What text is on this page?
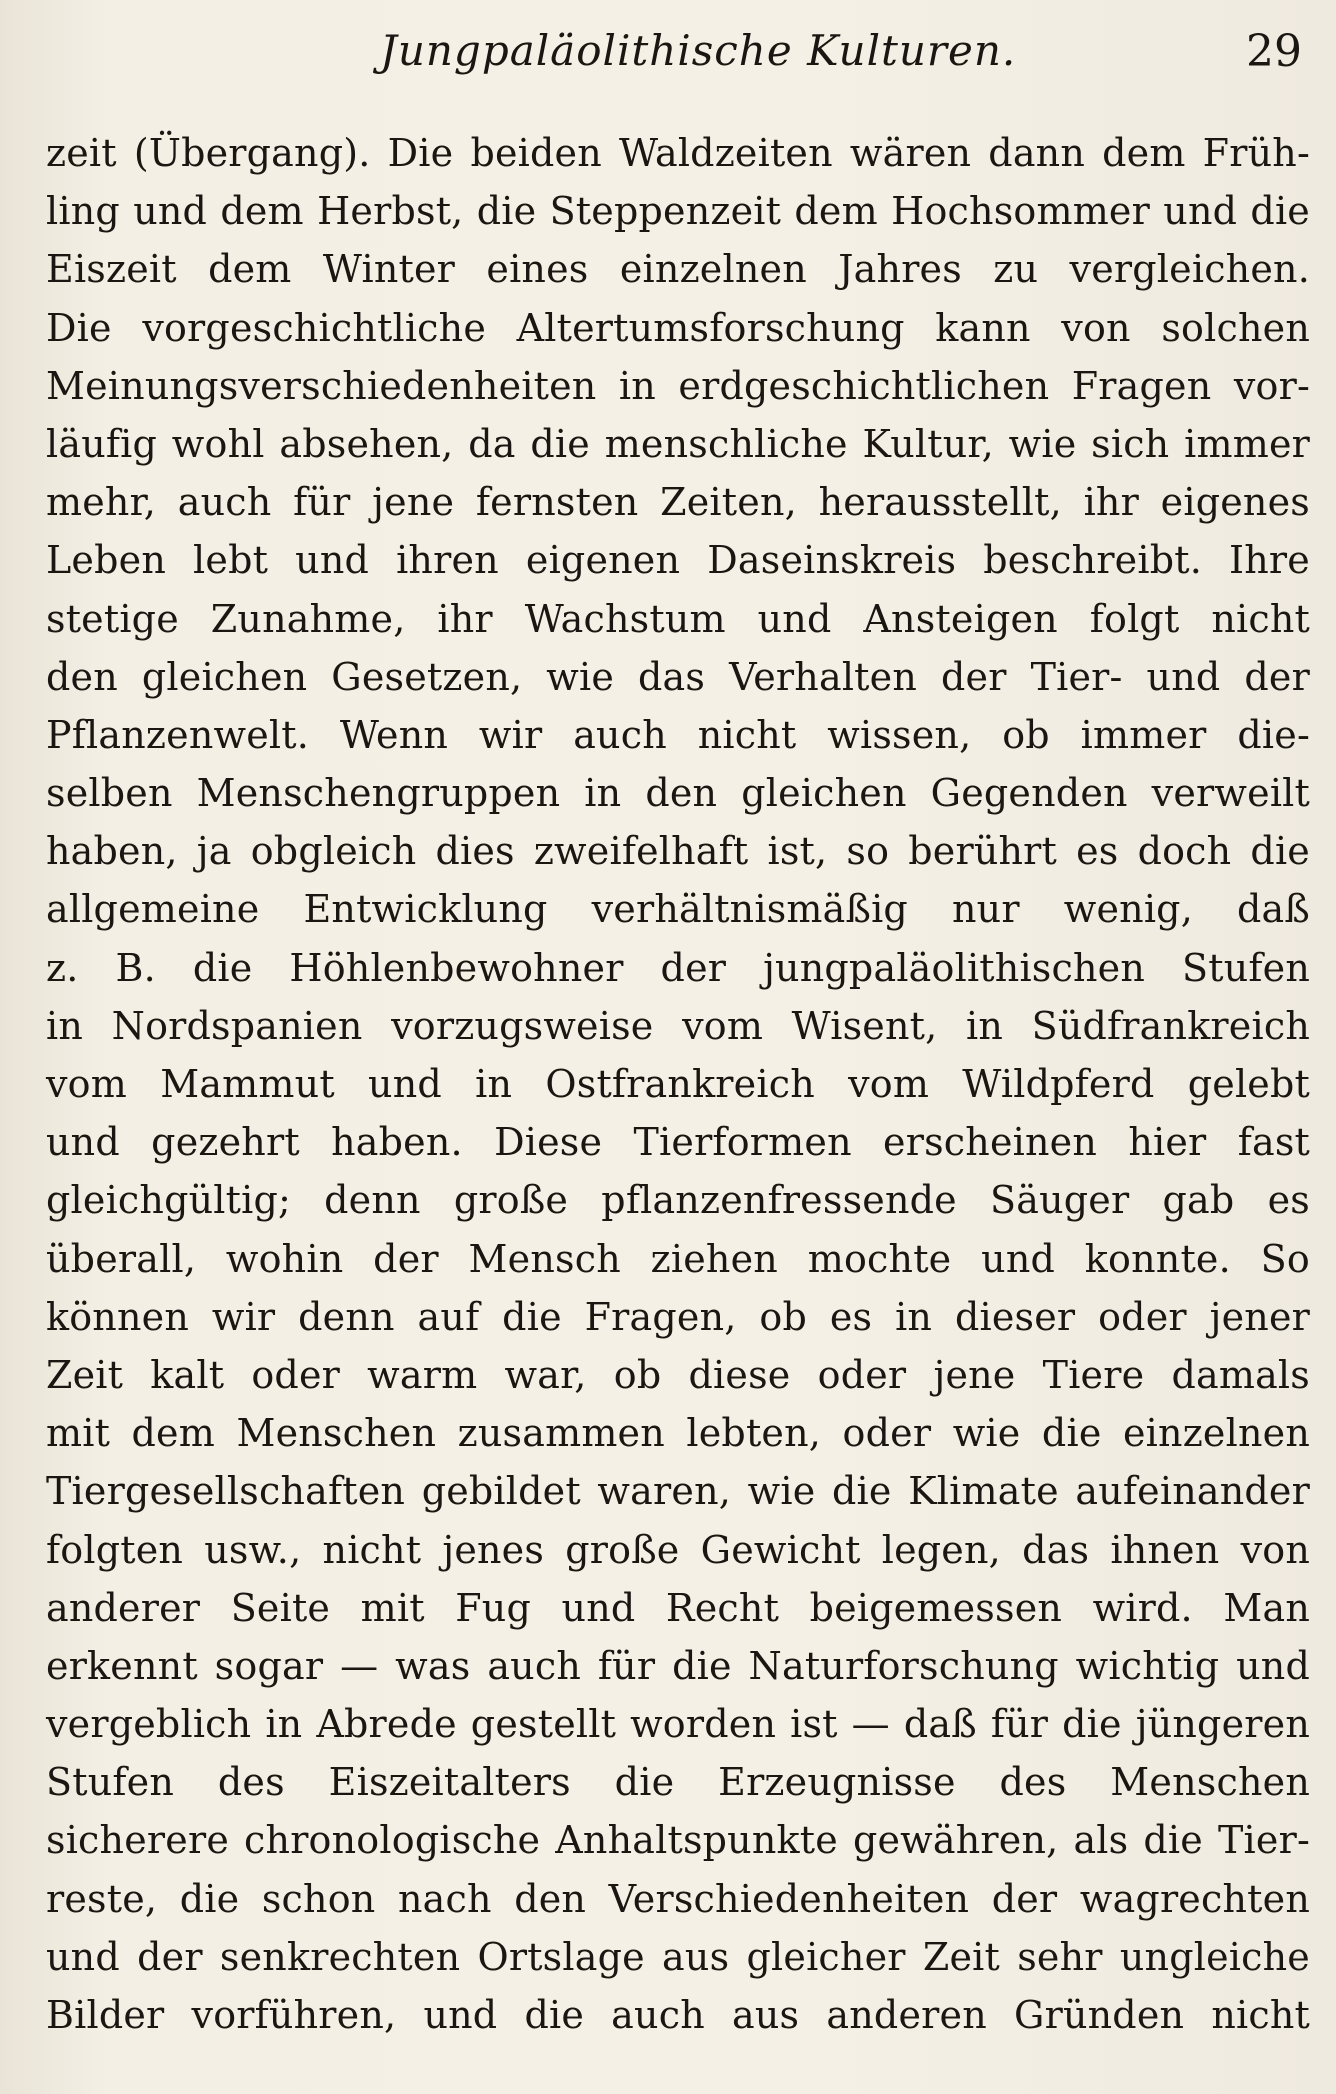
Jungpaläolithische Kulturen.	29
zeit (Übergang). Die beiden Waldzeiten wären dann dem Früh-
ling und dem Herbst, die Steppenzeit dem Hochsommer und die
Eiszeit dem Winter eines einzelnen Jahres zu vergleichen.
Die vorgeschichtliche Altertumsforschung kann von solchen
Meinungsverschiedenheiten in erdgeschichtlichen Fragen vor-
läufig wohl absehen, da die menschliche Kultur, wie sich immer
mehr, auch für jene fernsten Zeiten, herausstellt, ihr eigenes
Leben lebt und ihren eigenen Daseinskreis beschreibt. Ihre
stetige Zunahme, ihr Wachstum und Ansteigen folgt nicht
den gleichen Gesetzen, wie das Verhalten der Tier- und der
Pflanzenwelt. Wenn wir auch nicht wissen, ob immer die-
selben Menschengruppen in den gleichen Gegenden verweilt
haben, ja obgleich dies zweifelhaft ist, so berührt es doch die
allgemeine Entwicklung verhältnismäßig nur wenig, daß
z. B. die Höhlenbewohner der jungpaläolithischen Stufen
in Nordspanien vorzugsweise vom Wisent, in Südfrankreich
vom Mammut und in Ostfrankreich vom Wildpferd gelebt
und gezehrt haben. Diese Tierformen erscheinen hier fast
gleichgültig; denn große pflanzenfressende Säuger gab es
überall, wohin der Mensch ziehen mochte und konnte. So
können wir denn auf die Fragen, ob es in dieser oder jener
Zeit kalt oder warm war, ob diese oder jene Tiere damals
mit dem Menschen zusammen lebten, oder wie die einzelnen
Tiergesellschaften gebildet waren, wie die Klimate aufeinander
folgten usw., nicht jenes große Gewicht legen, das ihnen von
anderer Seite mit Fug und Recht beigemessen wird. Man
erkennt sogar — was auch für die Naturforschung wichtig und
vergeblich in Abrede gestellt worden ist — daß für die jüngeren
Stufen des Eiszeitalters die Erzeugnisse des Menschen
sicherere chronologische Anhaltspunkte gewähren, als die Tier-
reste, die schon nach den Verschiedenheiten der wagrechten
und der senkrechten Ortslage aus gleicher Zeit sehr ungleiche
Bilder vorführen, und die auch aus anderen Gründen nicht
